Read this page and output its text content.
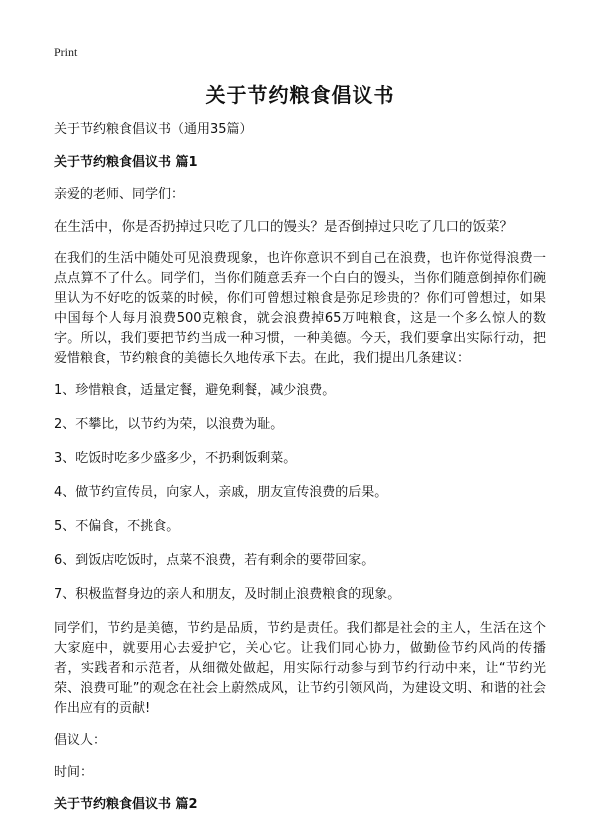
Print
关于节约粮食倡议书

关于节约粮食倡议书（通用35篇）

关于节约粮食倡议书 篇1

亲爱的老师、同学们：

在生活中，你是否扔掉过只吃了几口的馒头？是否倒掉过只吃了几口的饭菜？

在我们的生活中随处可见浪费现象，也许你意识不到自己在浪费，也许你觉得浪费一点点算不了什么。同学们，当你们随意丢弃一个白白的馒头，当你们随意倒掉你们碗里认为不好吃的饭菜的时候，你们可曾想过粮食是弥足珍贵的？你们可曾想过，如果中国每个人每月浪费500克粮食，就会浪费掉65万吨粮食，这是一个多么惊人的数字。所以，我们要把节约当成一种习惯，一种美德。今天，我们要拿出实际行动，把爱惜粮食，节约粮食的美德长久地传承下去。在此，我们提出几条建议：

1、珍惜粮食，适量定餐，避免剩餐，减少浪费。

2、不攀比，以节约为荣，以浪费为耻。

3、吃饭时吃多少盛多少，不扔剩饭剩菜。

4、做节约宣传员，向家人，亲戚，朋友宣传浪费的后果。

5、不偏食，不挑食。

6、到饭店吃饭时，点菜不浪费，若有剩余的要带回家。

7、积极监督身边的亲人和朋友，及时制止浪费粮食的现象。

同学们，节约是美德，节约是品质，节约是责任。我们都是社会的主人，生活在这个大家庭中，就要用心去爱护它，关心它。让我们同心协力，做勤俭节约风尚的传播者，实践者和示范者，从细微处做起，用实际行动参与到节约行动中来，让“节约光荣、浪费可耻”的观念在社会上蔚然成风，让节约引领风尚，为建设文明、和谐的社会作出应有的贡献!

倡议人：

时间：

关于节约粮食倡议书 篇2
